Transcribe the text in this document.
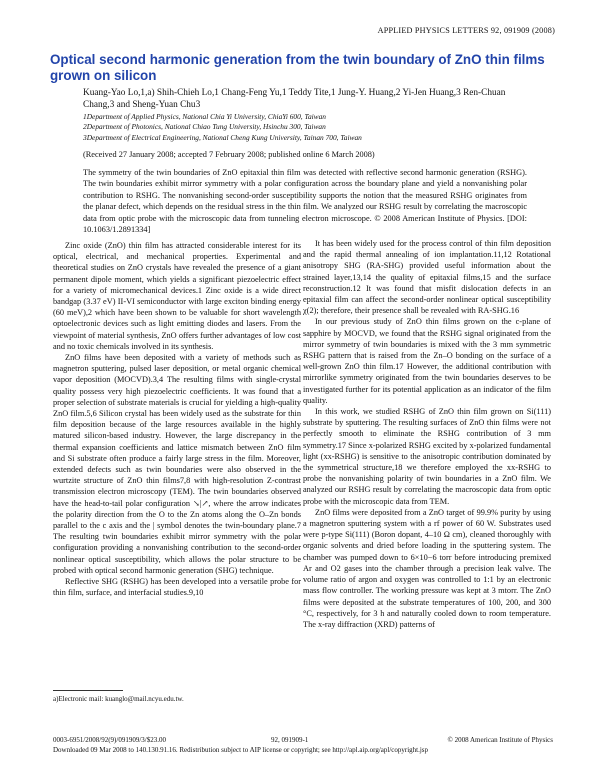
APPLIED PHYSICS LETTERS 92, 091909 (2008)
Optical second harmonic generation from the twin boundary of ZnO thin films grown on silicon
Kuang-Yao Lo,1,a) Shih-Chieh Lo,1 Chang-Feng Yu,1 Teddy Tite,1 Jung-Y. Huang,2 Yi-Jen Huang,3 Ren-Chuan Chang,3 and Sheng-Yuan Chu3
1Department of Applied Physics, National Chia Yi University, ChiaYi 600, Taiwan
2Department of Photonics, National Chiao Tung University, Hsinchu 300, Taiwan
3Department of Electrical Engineering, National Cheng Kung University, Tainan 700, Taiwan
(Received 27 January 2008; accepted 7 February 2008; published online 6 March 2008)
The symmetry of the twin boundaries of ZnO epitaxial thin film was detected with reflective second harmonic generation (RSHG). The twin boundaries exhibit mirror symmetry with a polar configuration across the boundary plane and yield a nonvanishing polar contribution to RSHG. The nonvanishing second-order susceptibility supports the notion that the measured RSHG originates from the planar defect, which depends on the residual stress in the thin film. We analyzed our RSHG result by correlating the macroscopic data from optic probe with the microscopic data from tunneling electron microscope. © 2008 American Institute of Physics. [DOI: 10.1063/1.2891334]

Zinc oxide (ZnO) thin film has attracted considerable interest for its optical, electrical, and mechanical properties. Experimental and theoretical studies on ZnO crystals have revealed the presence of a giant permanent dipole moment, which yields a significant piezoelectric effect for a variety of micromechanical devices.1 Zinc oxide is a wide direct bandgap (3.37 eV) II-VI semiconductor with large exciton binding energy (60 meV),2 which have been shown to be valuable for short wavelength optoelectronic devices such as light emitting diodes and lasers. From the viewpoint of material synthesis, ZnO offers further advantages of low cost and no toxic chemicals involved in its synthesis.

ZnO films have been deposited with a variety of methods such as magnetron sputtering, pulsed laser deposition, or metal organic chemical vapor deposition (MOCVD).3,4 The resulting films with single-crystal quality possess very high piezoelectric coefficients. It was found that a proper selection of substrate materials is crucial for yielding a high-quality ZnO film.5,6 Silicon crystal has been widely used as the substrate for thin film deposition because of the large resources available in the highly matured silicon-based industry. However, the large discrepancy in the thermal expansion coefficients and lattice mismatch between ZnO film and Si substrate often produce a fairly large stress in the film. Moreover, extended defects such as twin boundaries were also observed in the wurtzite structure of ZnO thin films7,8 with high-resolution Z-contrast transmission electron microscopy (TEM). The twin boundaries observed have the head-to-tail polar configuration ↘|↗, where the arrow indicates the polarity direction from the O to the Zn atoms along the O–Zn bonds parallel to the c axis and the | symbol denotes the twin-boundary plane.7 The resulting twin boundaries exhibit mirror symmetry with the polar configuration providing a nonvanishing contribution to the second-order nonlinear optical susceptibility, which allows the polar structure to be probed with optical second harmonic generation (SHG) technique.

Reflective SHG (RSHG) has been developed into a versatile probe for thin film, surface, and interfacial studies.9,10

It has been widely used for the process control of thin film deposition and the rapid thermal annealing of ion implantation.11,12 Rotational anisotropy SHG (RA-SHG) provided useful information about the strained layer,13,14 the quality of epitaxial films,15 and the surface reconstruction.12 It was found that misfit dislocation defects in an epitaxial film can affect the second-order nonlinear optical susceptibility χ(2); therefore, their presence shall be revealed with RA-SHG.16

In our previous study of ZnO thin films grown on the c-plane of sapphire by MOCVD, we found that the RSHG signal originated from the mirror symmetry of twin boundaries is mixed with the 3 mm symmetric RSHG pattern that is raised from the Zn–O bonding on the surface of a well-grown ZnO thin film.17 However, the additional contribution with mirrorlike symmetry originated from the twin boundaries deserves to be investigated further for its potential application as an indicator of the film quality.

In this work, we studied RSHG of ZnO thin film grown on Si(111) substrate by sputtering. The resulting surfaces of ZnO thin films were not perfectly smooth to eliminate the RSHG contribution of 3 mm symmetry.17 Since x-polarized RSHG excited by x-polarized fundamental light (xx-RSHG) is sensitive to the anisotropic contribution dominated by the symmetrical structure,18 we therefore employed the xx-RSHG to probe the nonvanishing polarity of twin boundaries in a ZnO film. We analyzed our RSHG result by correlating the macroscopic data from optic probe with the microscopic data from TEM.

ZnO films were deposited from a ZnO target of 99.9% purity by using a magnetron sputtering system with a rf power of 60 W. Substrates used were p-type Si(111) (Boron dopant, 4–10 Ω cm), cleaned thoroughly with organic solvents and dried before loading in the sputtering system. The chamber was pumped down to 6×10−6 torr before introducing premixed Ar and O2 gases into the chamber through a precision leak valve. The volume ratio of argon and oxygen was controlled to 1:1 by an electronic mass flow controller. The working pressure was kept at 3 mtorr. The ZnO films were deposited at the substrate temperatures of 100, 200, and 300 °C, respectively, for 3 h and naturally cooled down to room temperature. The x-ray diffraction (XRD) patterns of

a)Electronic mail: kuanglo@mail.ncyu.edu.tw.
0003-6951/2008/92(9)/091909/3/$23.00	92, 091909-1	© 2008 American Institute of Physics
Downloaded 09 Mar 2008 to 140.130.91.16. Redistribution subject to AIP license or copyright; see http://apl.aip.org/apl/copyright.jsp
